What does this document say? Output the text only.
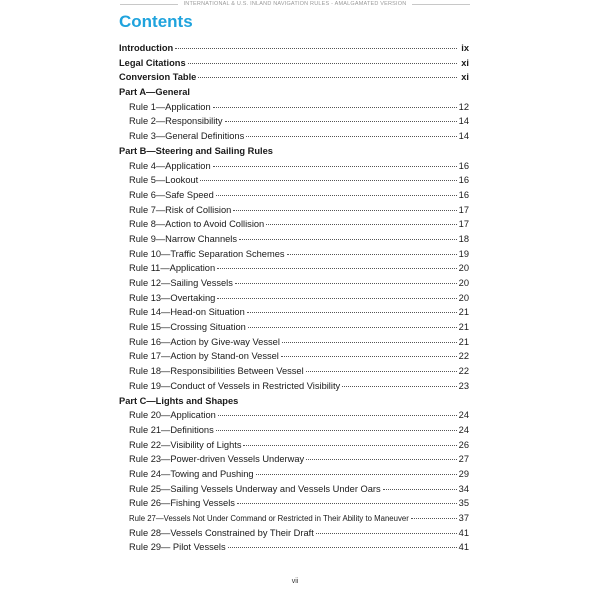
INTERNATIONAL & U.S. INLAND NAVIGATION RULES - AMALGAMATED VERSION
Contents
Introduction	ix
Legal Citations	xi
Conversion Table	xi
Part A—General
Rule 1—Application	12
Rule 2—Responsibility	14
Rule 3—General Definitions	14
Part B—Steering and Sailing Rules
Rule 4—Application	16
Rule 5—Lookout	16
Rule 6—Safe Speed	16
Rule 7—Risk of Collision	17
Rule 8—Action to Avoid Collision	17
Rule 9—Narrow Channels	18
Rule 10—Traffic Separation Schemes	19
Rule 11—Application	20
Rule 12—Sailing Vessels	20
Rule 13—Overtaking	20
Rule 14—Head-on Situation	21
Rule 15—Crossing Situation	21
Rule 16—Action by Give-way Vessel	21
Rule 17—Action by Stand-on Vessel	22
Rule 18—Responsibilities Between Vessel	22
Rule 19—Conduct of Vessels in Restricted Visibility	23
Part C—Lights and Shapes
Rule 20—Application	24
Rule 21—Definitions	24
Rule 22—Visibility of Lights	26
Rule 23—Power-driven Vessels Underway	27
Rule 24—Towing and Pushing	29
Rule 25—Sailing Vessels Underway and Vessels Under Oars	34
Rule 26—Fishing Vessels	35
Rule 27—Vessels Not Under Command or Restricted in Their Ability to Maneuver	37
Rule 28—Vessels Constrained by Their Draft	41
Rule 29— Pilot Vessels	41
vii
